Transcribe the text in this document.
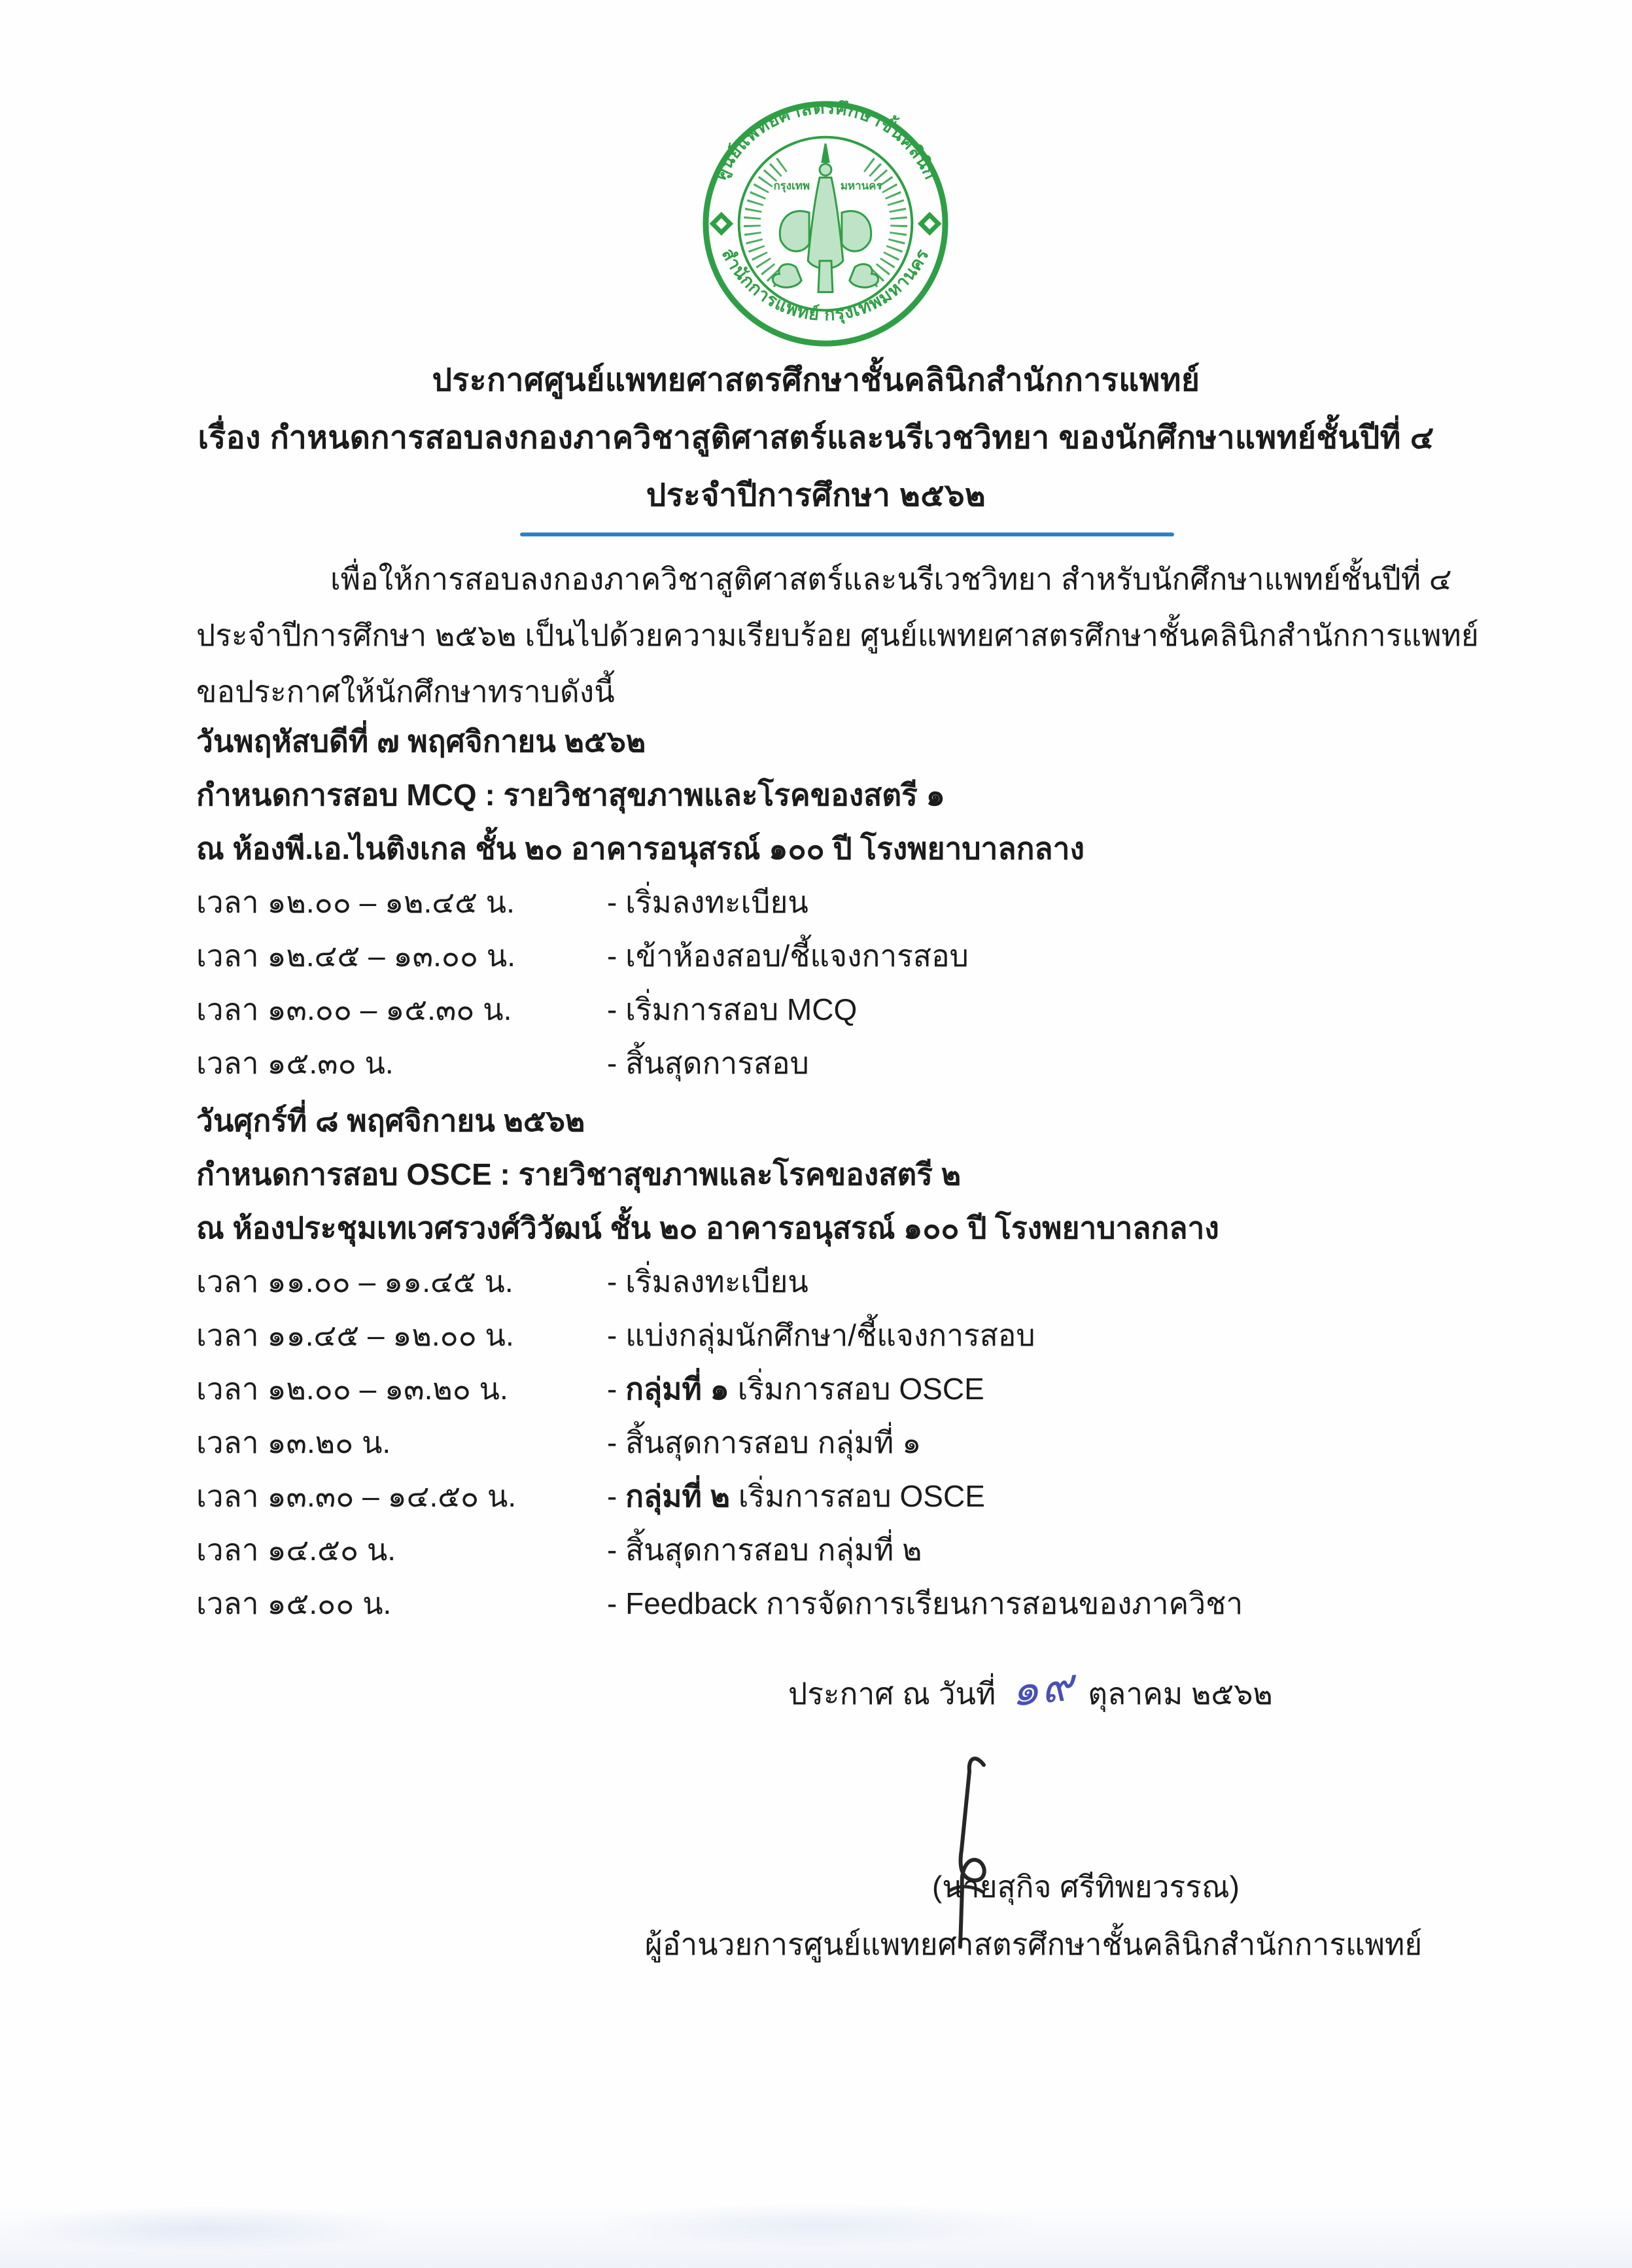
ศูนย์แพทยศาสตรศึกษาชั้นคลินิก
สำนักการแพทย์ กรุงเทพมหานคร
กรุงเทพ	มหานคร
ประกาศศูนย์แพทยศาสตรศึกษาชั้นคลินิกสำนักการแพทย์
เรื่อง กำหนดการสอบลงกองภาควิชาสูติศาสตร์และนรีเวชวิทยา ของนักศึกษาแพทย์ชั้นปีที่ ๔
ประจำปีการศึกษา ๒๕๖๒
เพื่อให้การสอบลงกองภาควิชาสูติศาสตร์และนรีเวชวิทยา สำหรับนักศึกษาแพทย์ชั้นปีที่ ๔
ประจำปีการศึกษา ๒๕๖๒ เป็นไปด้วยความเรียบร้อย ศูนย์แพทยศาสตรศึกษาชั้นคลินิกสำนักการแพทย์
ขอประกาศให้นักศึกษาทราบดังนี้
วันพฤหัสบดีที่ ๗ พฤศจิกายน ๒๕๖๒
กำหนดการสอบ MCQ : รายวิชาสุขภาพและโรคของสตรี ๑
ณ ห้องพี.เอ.ไนติงเกล ชั้น ๒๐ อาคารอนุสรณ์ ๑๐๐ ปี โรงพยาบาลกลาง
เวลา ๑๒.๐๐ – ๑๒.๔๕ น.	- เริ่มลงทะเบียน
เวลา ๑๒.๔๕ – ๑๓.๐๐ น.	- เข้าห้องสอบ/ชี้แจงการสอบ
เวลา ๑๓.๐๐ – ๑๕.๓๐ น.	- เริ่มการสอบ MCQ
เวลา ๑๕.๓๐ น.	- สิ้นสุดการสอบ
วันศุกร์ที่ ๘ พฤศจิกายน ๒๕๖๒
กำหนดการสอบ OSCE : รายวิชาสุขภาพและโรคของสตรี ๒
ณ ห้องประชุมเทเวศรวงศ์วิวัฒน์ ชั้น ๒๐ อาคารอนุสรณ์ ๑๐๐ ปี โรงพยาบาลกลาง
เวลา ๑๑.๐๐ – ๑๑.๔๕ น.	- เริ่มลงทะเบียน
เวลา ๑๑.๔๕ – ๑๒.๐๐ น.	- แบ่งกลุ่มนักศึกษา/ชี้แจงการสอบ
เวลา ๑๒.๐๐ – ๑๓.๒๐ น.	- กลุ่มที่ ๑ เริ่มการสอบ OSCE
เวลา ๑๓.๒๐ น.	- สิ้นสุดการสอบ กลุ่มที่ ๑
เวลา ๑๓.๓๐ – ๑๔.๕๐ น.	- กลุ่มที่ ๒ เริ่มการสอบ OSCE
เวลา ๑๔.๕๐ น.	- สิ้นสุดการสอบ กลุ่มที่ ๒
เวลา ๑๕.๐๐ น.	- Feedback การจัดการเรียนการสอนของภาควิชา
ประกาศ ณ วันที่ ๑๙ ตุลาคม ๒๕๖๒
(นายสุกิจ ศรีทิพยวรรณ)
ผู้อำนวยการศูนย์แพทยศาสตรศึกษาชั้นคลินิกสำนักการแพทย์
